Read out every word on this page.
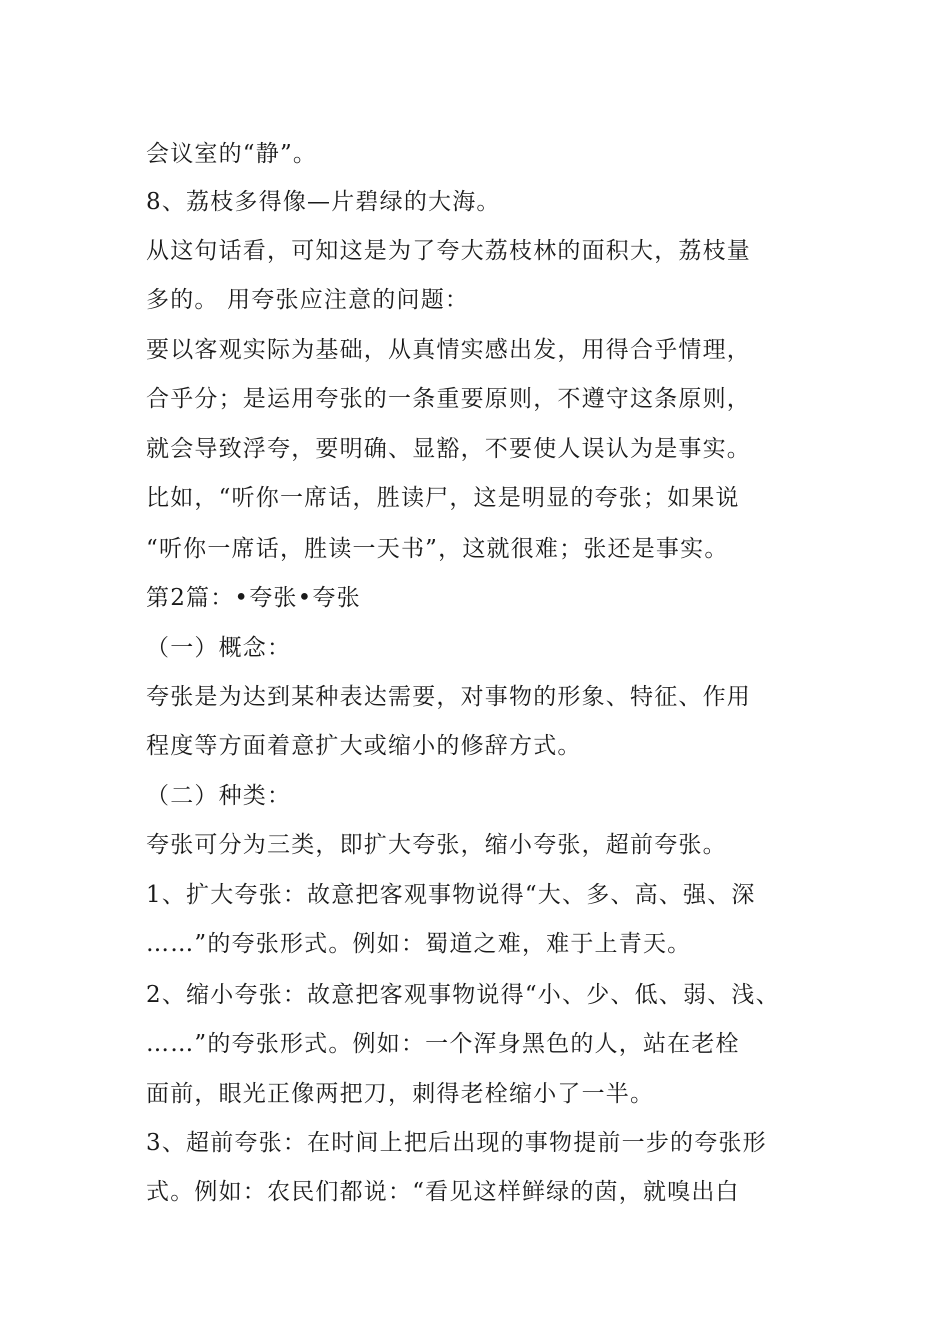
会议室的“静”。
8、荔枝多得像—片碧绿的大海。
从这句话看，可知这是为了夸大荔枝林的面积大，荔枝量
多的。 用夸张应注意的问题：
要以客观实际为基础，从真情实感出发，用得合乎情理，
合乎分；是运用夸张的一条重要原则，不遵守这条原则，
就会导致浮夸，要明确、显豁，不要使人误认为是事实。
比如，“听你一席话，胜读尸，这是明显的夸张；如果说
“听你一席话，胜读一天书”，这就很难；张还是事实。
第2篇：•夸张•夸张
（一）概念：
夸张是为达到某种表达需要，对事物的形象、特征、作用
程度等方面着意扩大或缩小的修辞方式。
（二）种类：
夸张可分为三类，即扩大夸张，缩小夸张，超前夸张。
1、扩大夸张：故意把客观事物说得“大、多、高、强、深
……”的夸张形式。例如：蜀道之难，难于上青天。
2、缩小夸张：故意把客观事物说得“小、少、低、弱、浅、
……”的夸张形式。例如：一个浑身黑色的人，站在老栓
面前，眼光正像两把刀，刺得老栓缩小了一半。
3、超前夸张：在时间上把后出现的事物提前一步的夸张形
式。例如：农民们都说：“看见这样鲜绿的茵，就嗅出白
